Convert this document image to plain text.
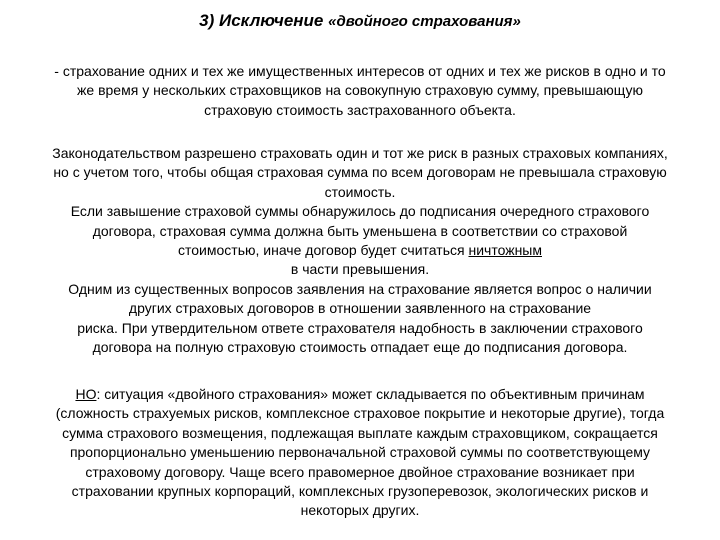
3) Исключение «двойного страхования»
- страхование одних и тех же имущественных интересов от одних и тех же рисков в одно и то
же время у нескольких страховщиков на совокупную страховую сумму, превышающую
страховую стоимость застрахованного объекта.
Законодательством разрешено страховать один и тот же риск в разных страховых компаниях,
но с учетом того, чтобы общая страховая сумма по всем договорам не превышала страховую
стоимость.
Если завышение страховой суммы обнаружилось до подписания очередного страхового
договора, страховая сумма должна быть уменьшена в соответствии со страховой
стоимостью, иначе договор будет считаться ничтожным
в части превышения.
Одним из существенных вопросов заявления на страхование является вопрос о наличии
других страховых договоров в отношении заявленного на страхование
риска. При утвердительном ответе страхователя надобность в заключении страхового
договора на полную страховую стоимость отпадает еще до подписания договора.
НО: ситуация «двойного страхования» может складывается по объективным причинам
(сложность страхуемых рисков, комплексное страховое покрытие и некоторые другие), тогда
сумма страхового возмещения, подлежащая выплате каждым страховщиком, сокращается
пропорционально уменьшению первоначальной страховой суммы по соответствующему
страховому договору. Чаще всего правомерное двойное страхование возникает при
страховании крупных корпораций, комплексных грузоперевозок, экологических рисков и
некоторых других.
